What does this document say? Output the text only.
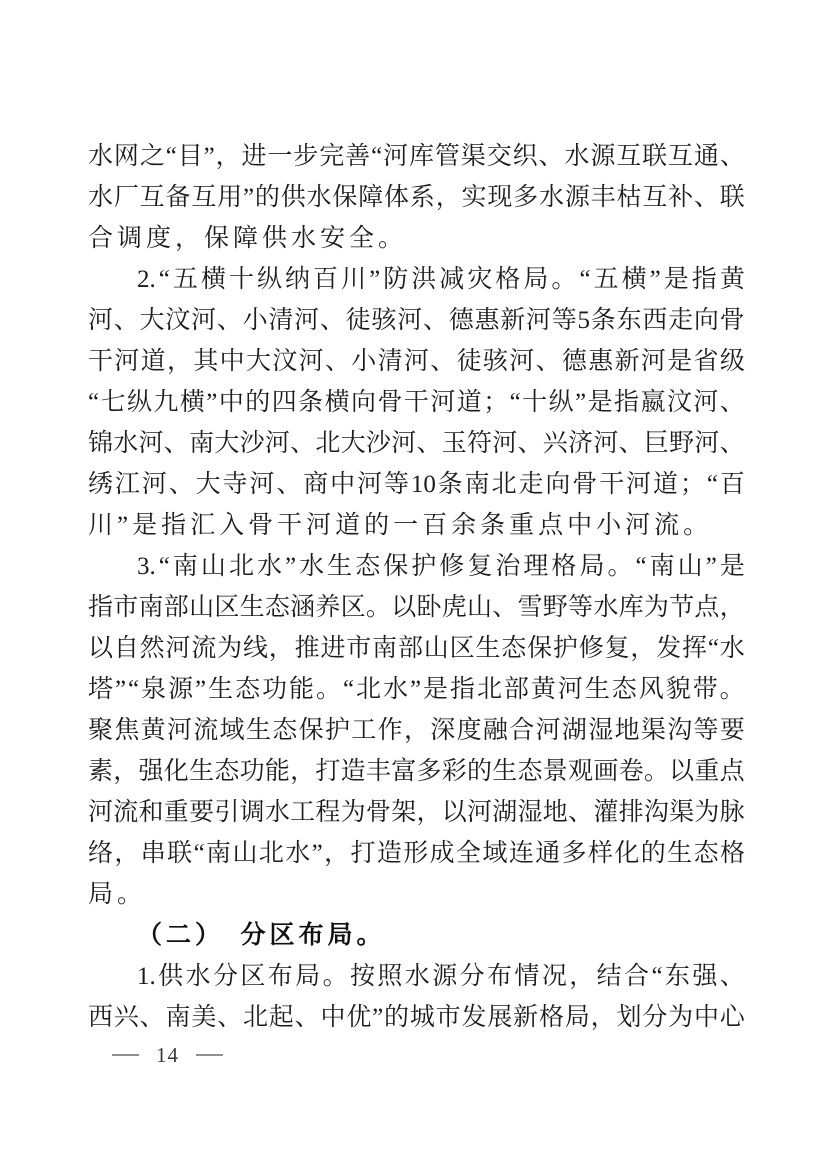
水 网 之 “ 目 ” ， 进 一 步 完 善 “ 河 库 管 渠 交 织 、 水 源 互 联 互 通 、
水 厂 互 备 互 用 ” 的 供 水 保 障 体 系 ， 实 现 多 水 源 丰 枯 互 补 、 联
合调度，保障供水安全。
2. “ 五 横 十 纵 纳 百 川 ” 防 洪 减 灾 格 局 。 “ 五 横 ” 是 指 黄
河 、 大 汶 河 、 小 清 河 、 徒 骇 河 、 德 惠 新 河 等 5 条 东 西 走 向 骨
干 河 道 ， 其 中 大 汶 河 、 小 清 河 、 徒 骇 河 、 德 惠 新 河 是 省 级
“ 七 纵 九 横 ” 中 的 四 条 横 向 骨 干 河 道 ； “ 十 纵 ” 是 指 嬴 汶 河 、
锦 水 河 、 南 大 沙 河 、 北 大 沙 河 、 玉 符 河 、 兴 济 河 、 巨 野 河 、
绣 江 河 、 大 寺 河 、 商 中 河 等 10 条 南 北 走 向 骨 干 河 道 ； “ 百
川”是指汇入骨干河道的一百余条重点中小河流。
3. “ 南 山 北 水 ” 水 生 态 保 护 修 复 治 理 格 局 。 “ 南 山 ” 是
指 市 南 部 山 区 生 态 涵 养 区 。 以 卧 虎 山 、 雪 野 等 水 库 为 节 点 ，
以 自 然 河 流 为 线 ， 推 进 市 南 部 山 区 生 态 保 护 修 复 ， 发 挥 “ 水
塔 ” “ 泉 源 ” 生 态 功 能 。 “ 北 水 ” 是 指 北 部 黄 河 生 态 风 貌 带 。
聚 焦 黄 河 流 域 生 态 保 护 工 作 ， 深 度 融 合 河 湖 湿 地 渠 沟 等 要
素 ， 强 化 生 态 功 能 ， 打 造 丰 富 多 彩 的 生 态 景 观 画 卷 。 以 重 点
河 流 和 重 要 引 调 水 工 程 为 骨 架 ， 以 河 湖 湿 地 、 灌 排 沟 渠 为 脉
络 ， 串 联 “ 南 山 北 水 ” ， 打 造 形 成 全 域 连 通 多 样 化 的 生 态 格
局。
（二）　分区布局。
1. 供 水 分 区 布 局 。 按 照 水 源 分 布 情 况 ， 结 合 “ 东 强 、
西 兴 、 南 美 、 北 起 、 中 优 ” 的 城 市 发 展 新 格 局 ， 划 分 为 中 心
14
